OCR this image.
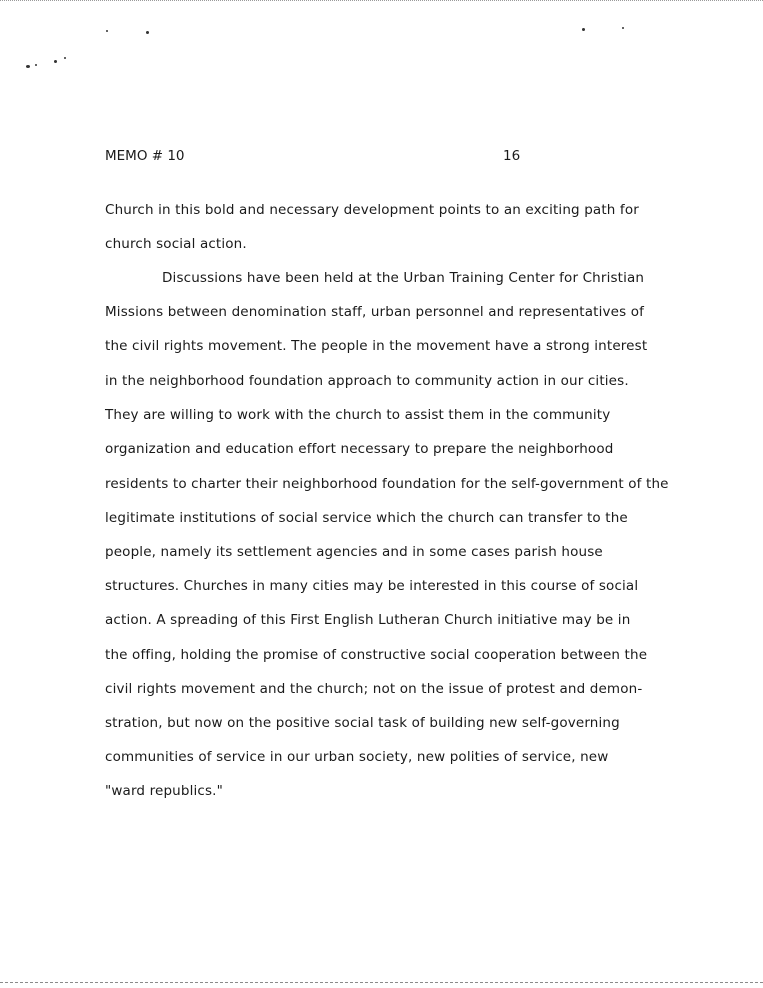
MEMO # 10	16
Church in this bold and necessary development points to an exciting path for
church social action.
Discussions have been held at the Urban Training Center for Christian
Missions between denomination staff, urban personnel and representatives of
the civil rights movement. The people in the movement have a strong interest
in the neighborhood foundation approach to community action in our cities.
They are willing to work with the church to assist them in the community
organization and education effort necessary to prepare the neighborhood
residents to charter their neighborhood foundation for the self-government of the
legitimate institutions of social service which the church can transfer to the
people, namely its settlement agencies and in some cases parish house
structures. Churches in many cities may be interested in this course of social
action. A spreading of this First English Lutheran Church initiative may be in
the offing, holding the promise of constructive social cooperation between the
civil rights movement and the church; not on the issue of protest and demon-
stration, but now on the positive social task of building new self-governing
communities of service in our urban society, new polities of service, new
"ward republics."
